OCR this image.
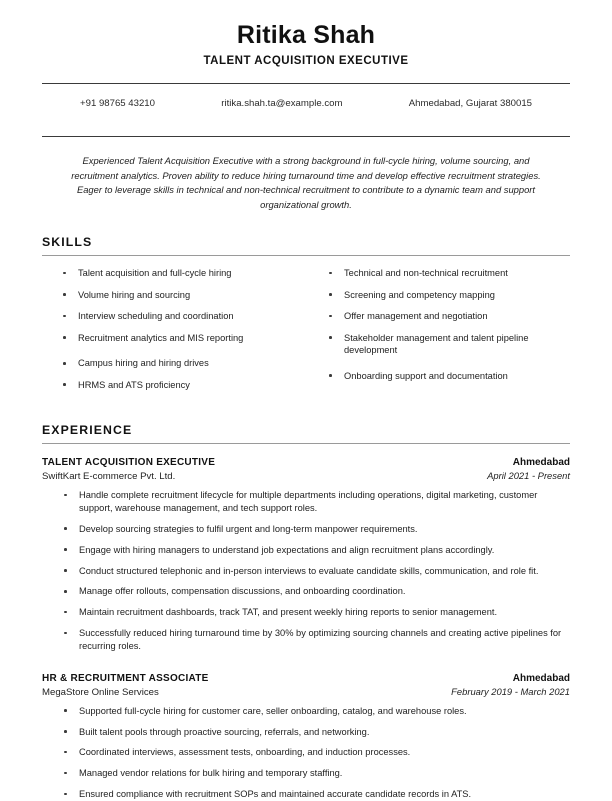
Ritika Shah
TALENT ACQUISITION EXECUTIVE
+91 98765 43210	ritika.shah.ta@example.com	Ahmedabad, Gujarat 380015

Experienced Talent Acquisition Executive with a strong background in full-cycle hiring, volume sourcing, and recruitment analytics. Proven ability to reduce hiring turnaround time and develop effective recruitment strategies. Eager to leverage skills in technical and non-technical recruitment to contribute to a dynamic team and support organizational growth.

SKILLS
Talent acquisition and full-cycle hiring
Volume hiring and sourcing
Interview scheduling and coordination
Recruitment analytics and MIS reporting
Campus hiring and hiring drives
HRMS and ATS proficiency
Technical and non-technical recruitment
Screening and competency mapping
Offer management and negotiation
Stakeholder management and talent pipeline development
Onboarding support and documentation
EXPERIENCE
TALENT ACQUISITION EXECUTIVE	Ahmedabad
SwiftKart E-commerce Pvt. Ltd.	April 2021 - Present
Handle complete recruitment lifecycle for multiple departments including operations, digital marketing, customer support, warehouse management, and tech support roles.
Develop sourcing strategies to fulfil urgent and long-term manpower requirements.
Engage with hiring managers to understand job expectations and align recruitment plans accordingly.
Conduct structured telephonic and in-person interviews to evaluate candidate skills, communication, and role fit.
Manage offer rollouts, compensation discussions, and onboarding coordination.
Maintain recruitment dashboards, track TAT, and present weekly hiring reports to senior management.
Successfully reduced hiring turnaround time by 30% by optimizing sourcing channels and creating active pipelines for recurring roles.
HR & RECRUITMENT ASSOCIATE	Ahmedabad
MegaStore Online Services	February 2019 - March 2021
Supported full-cycle hiring for customer care, seller onboarding, catalog, and warehouse roles.
Built talent pools through proactive sourcing, referrals, and networking.
Coordinated interviews, assessment tests, onboarding, and induction processes.
Managed vendor relations for bulk hiring and temporary staffing.
Ensured compliance with recruitment SOPs and maintained accurate candidate records in ATS.
